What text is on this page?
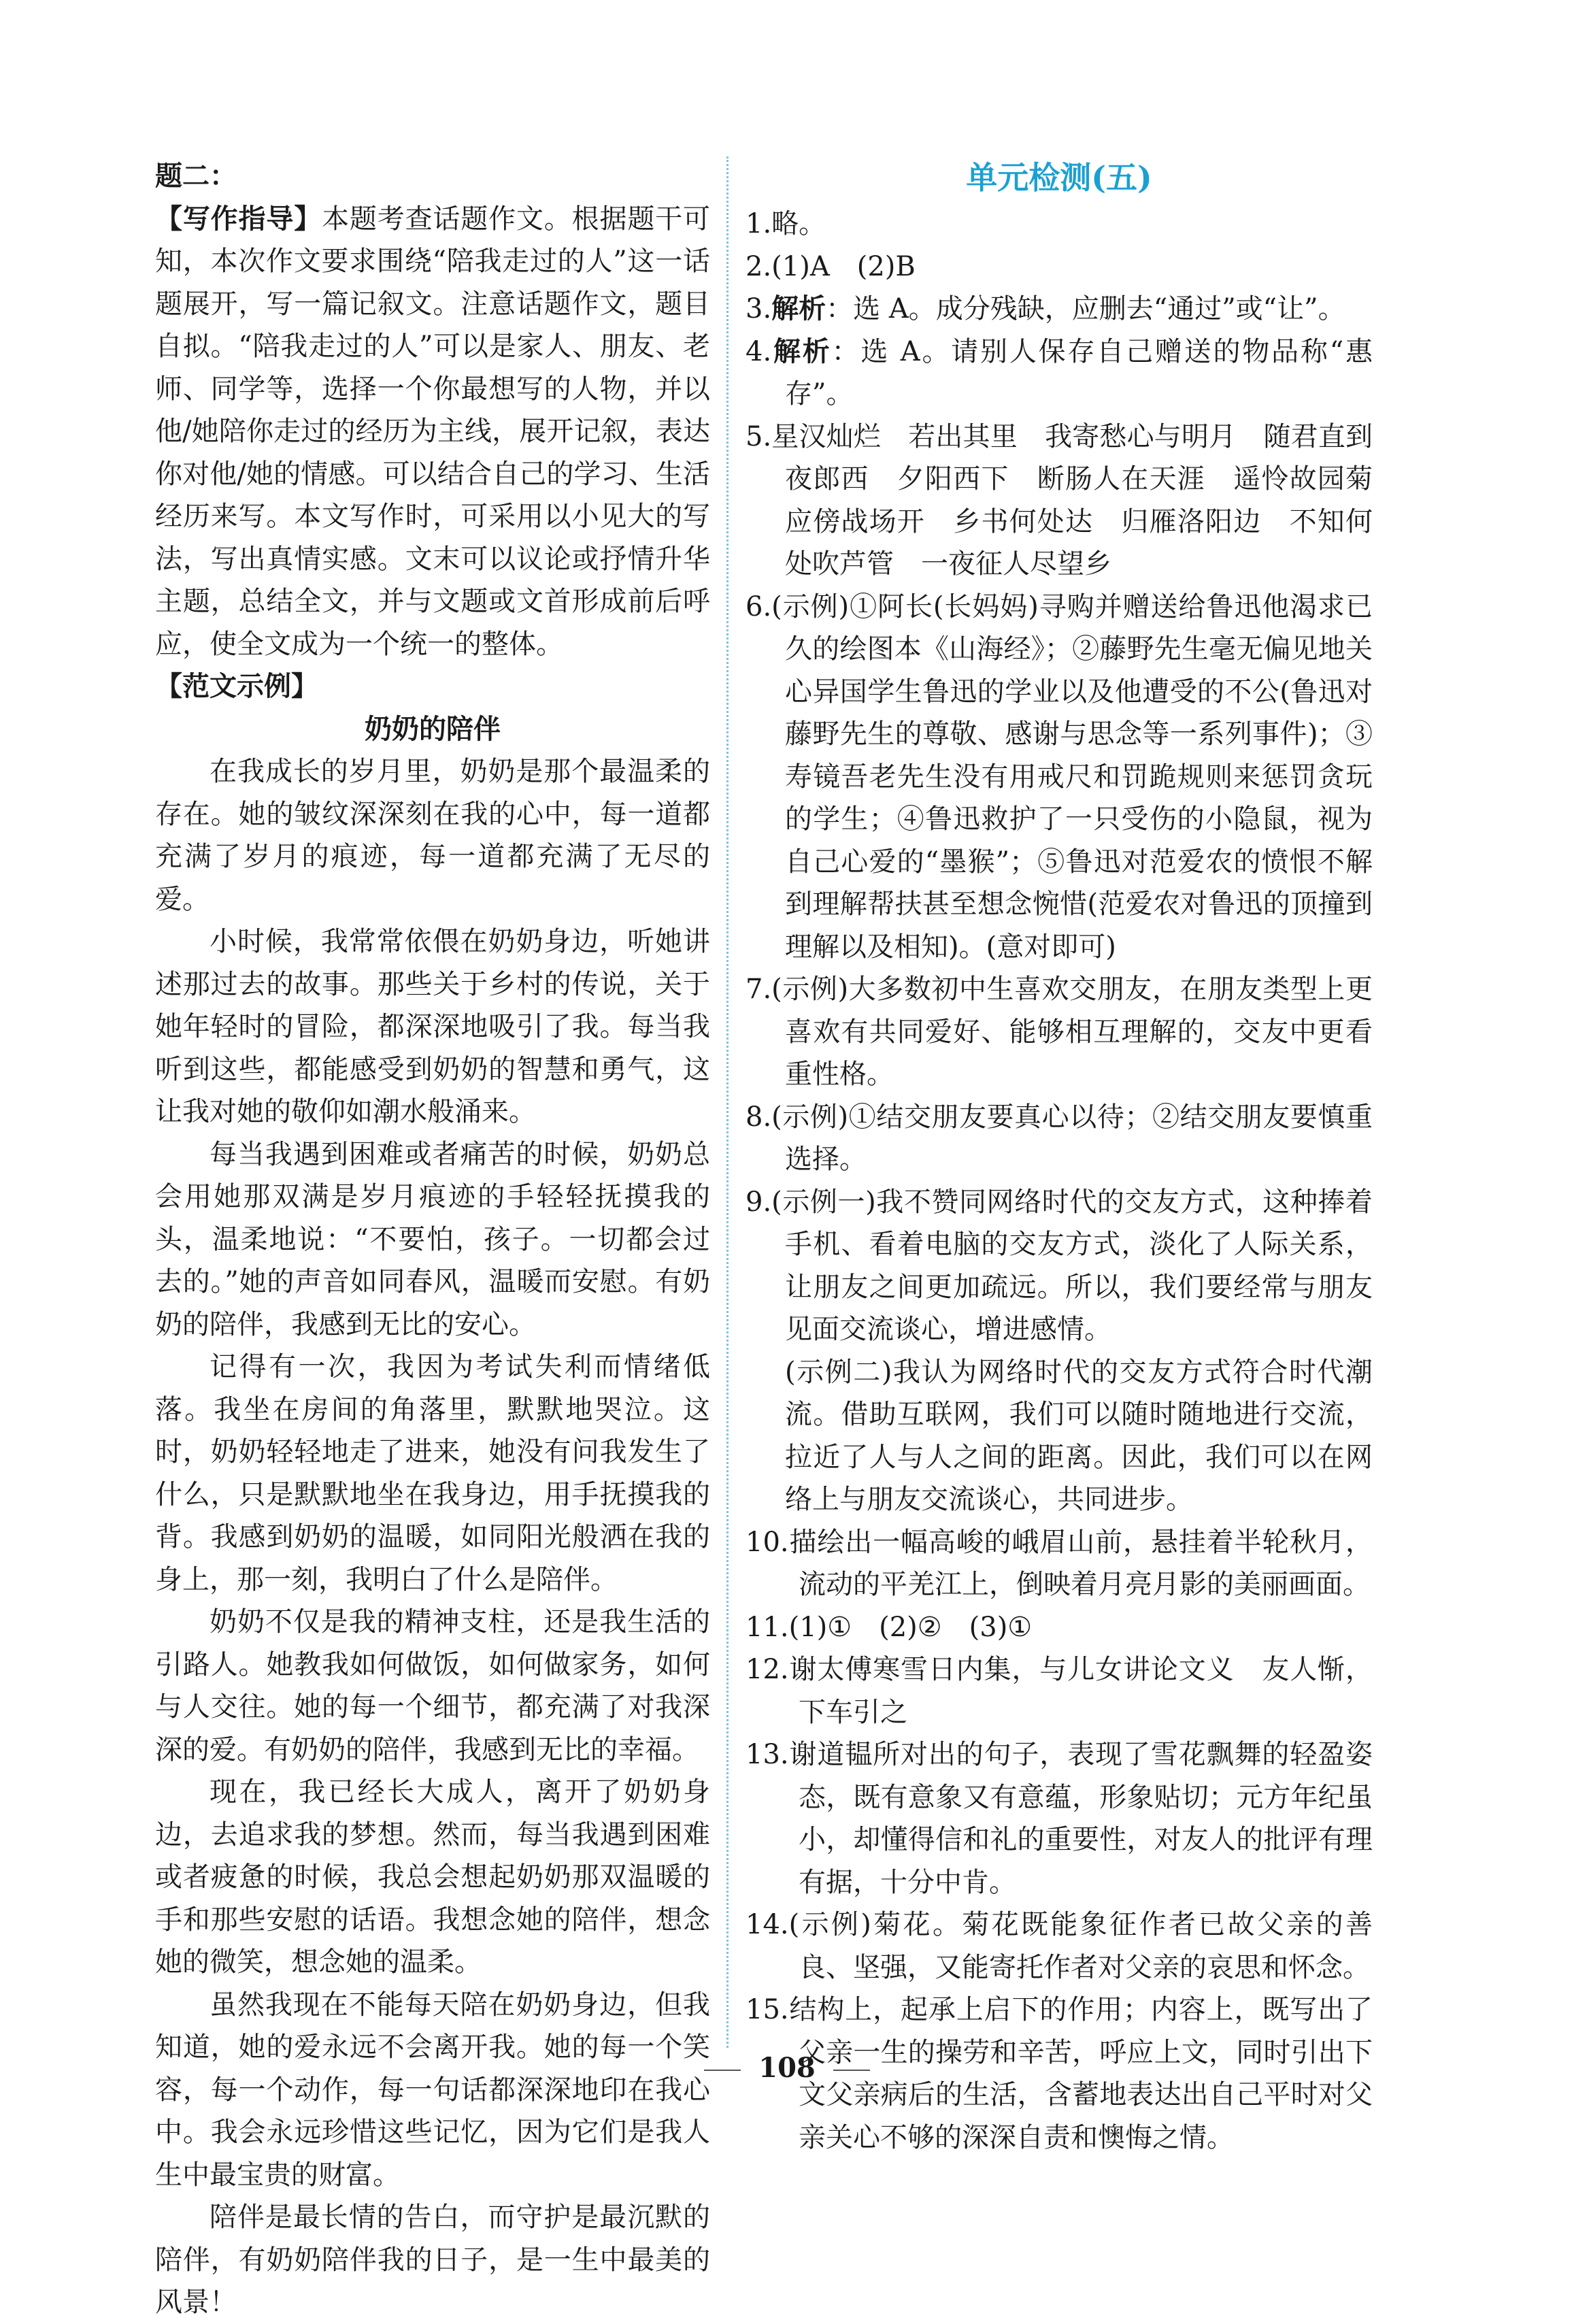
题二：

【写作指导】本题考查话题作文。根据题干可知，本次作文要求围绕“陪我走过的人”这一话题展开，写一篇记叙文。注意话题作文，题目自拟。“陪我走过的人”可以是家人、朋友、老师、同学等，选择一个你最想写的人物，并以他/她陪你走过的经历为主线，展开记叙，表达你对他/她的情感。可以结合自己的学习、生活经历来写。本文写作时，可采用以小见大的写法，写出真情实感。文末可以议论或抒情升华主题，总结全文，并与文题或文首形成前后呼应，使全文成为一个统一的整体。

【范文示例】

奶奶的陪伴

在我成长的岁月里，奶奶是那个最温柔的存在。她的皱纹深深刻在我的心中，每一道都充满了岁月的痕迹，每一道都充满了无尽的爱。

小时候，我常常依偎在奶奶身边，听她讲述那过去的故事。那些关于乡村的传说，关于她年轻时的冒险，都深深地吸引了我。每当我听到这些，都能感受到奶奶的智慧和勇气，这让我对她的敬仰如潮水般涌来。

每当我遇到困难或者痛苦的时候，奶奶总会用她那双满是岁月痕迹的手轻轻抚摸我的头，温柔地说：“不要怕，孩子。一切都会过去的。”她的声音如同春风，温暖而安慰。有奶奶的陪伴，我感到无比的安心。

记得有一次，我因为考试失利而情绪低落。我坐在房间的角落里，默默地哭泣。这时，奶奶轻轻地走了进来，她没有问我发生了什么，只是默默地坐在我身边，用手抚摸我的背。我感到奶奶的温暖，如同阳光般洒在我的身上，那一刻，我明白了什么是陪伴。

奶奶不仅是我的精神支柱，还是我生活的引路人。她教我如何做饭，如何做家务，如何与人交往。她的每一个细节，都充满了对我深深的爱。有奶奶的陪伴，我感到无比的幸福。

现在，我已经长大成人，离开了奶奶身边，去追求我的梦想。然而，每当我遇到困难或者疲惫的时候，我总会想起奶奶那双温暖的手和那些安慰的话语。我想念她的陪伴，想念她的微笑，想念她的温柔。

虽然我现在不能每天陪在奶奶身边，但我知道，她的爱永远不会离开我。她的每一个笑容，每一个动作，每一句话都深深地印在我心中。我会永远珍惜这些记忆，因为它们是我人生中最宝贵的财富。

陪伴是最长情的告白，而守护是最沉默的陪伴，有奶奶陪伴我的日子，是一生中最美的风景！

单元检测(五)

1.略。

2.(1)A　(2)B

3.解析：选 A。成分残缺，应删去“通过”或“让”。

4.解析：选 A。请别人保存自己赠送的物品称“惠存”。

5.星汉灿烂　若出其里　我寄愁心与明月　随君直到夜郎西　夕阳西下　断肠人在天涯　遥怜故园菊　应傍战场开　乡书何处达　归雁洛阳边　不知何处吹芦管　一夜征人尽望乡

6.(示例)①阿长(长妈妈)寻购并赠送给鲁迅他渴求已久的绘图本《山海经》；②藤野先生毫无偏见地关心异国学生鲁迅的学业以及他遭受的不公(鲁迅对藤野先生的尊敬、感谢与思念等一系列事件)；③寿镜吾老先生没有用戒尺和罚跪规则来惩罚贪玩的学生；④鲁迅救护了一只受伤的小隐鼠，视为自己心爱的“墨猴”；⑤鲁迅对范爱农的愤恨不解到理解帮扶甚至想念惋惜(范爱农对鲁迅的顶撞到理解以及相知)。(意对即可)

7.(示例)大多数初中生喜欢交朋友，在朋友类型上更喜欢有共同爱好、能够相互理解的，交友中更看重性格。

8.(示例)①结交朋友要真心以待；②结交朋友要慎重选择。

9.(示例一)我不赞同网络时代的交友方式，这种捧着手机、看着电脑的交友方式，淡化了人际关系，让朋友之间更加疏远。所以，我们要经常与朋友见面交流谈心，增进感情。

(示例二)我认为网络时代的交友方式符合时代潮流。借助互联网，我们可以随时随地进行交流，拉近了人与人之间的距离。因此，我们可以在网络上与朋友交流谈心，共同进步。

10.描绘出一幅高峻的峨眉山前，悬挂着半轮秋月，流动的平羌江上，倒映着月亮月影的美丽画面。

11.(1)①　(2)②　(3)①

12.谢太傅寒雪日内集，与儿女讲论文义　友人惭，下车引之

13.谢道韫所对出的句子，表现了雪花飘舞的轻盈姿态，既有意象又有意蕴，形象贴切；元方年纪虽小，却懂得信和礼的重要性，对友人的批评有理有据，十分中肯。

14.(示例)菊花。菊花既能象征作者已故父亲的善良、坚强，又能寄托作者对父亲的哀思和怀念。

15.结构上，起承上启下的作用；内容上，既写出了父亲一生的操劳和辛苦，呼应上文，同时引出下文父亲病后的生活，含蓄地表达出自己平时对父亲关心不够的深深自责和懊悔之情。

108
